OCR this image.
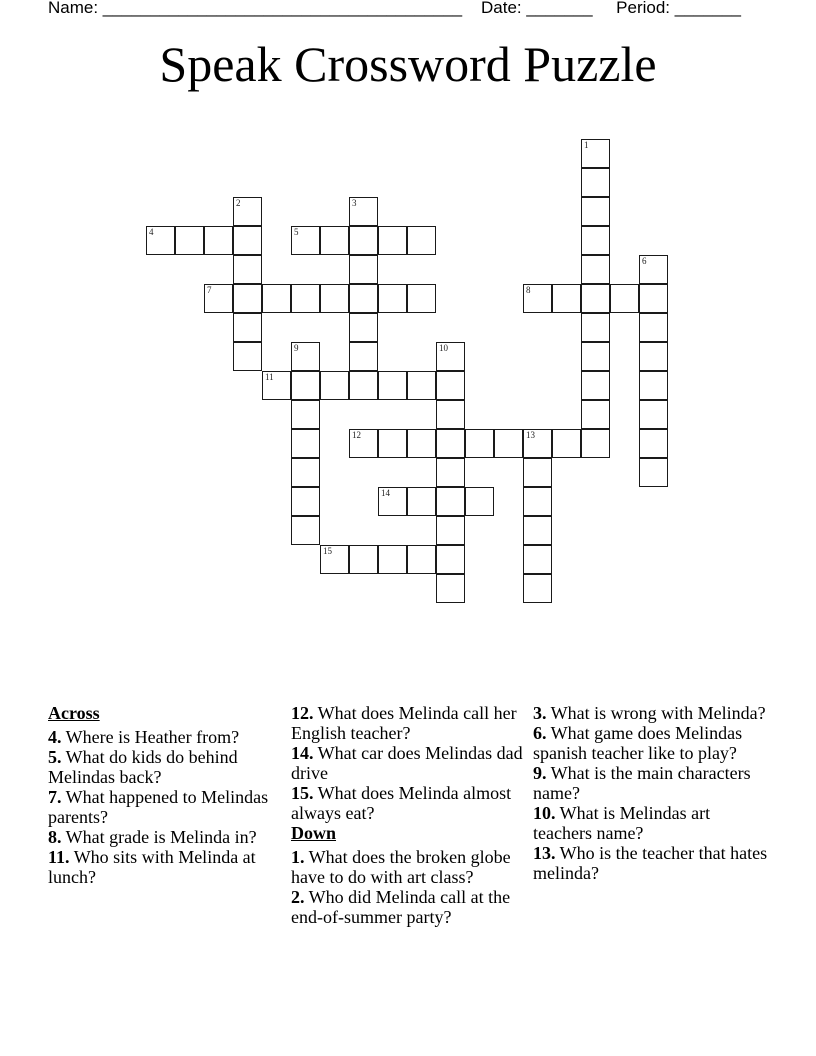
Name: ______________________________________ Date: _______ Period: _______
Speak Crossword Puzzle
1
2	3
4	5
6
7	8
9	10
11
12	13
14
15
Across
4. Where is Heather from?
5. What do kids do behind Melindas back?
7. What happened to Melindas parents?
8. What grade is Melinda in?
11. Who sits with Melinda at lunch?
12. What does Melinda call her English teacher?
14. What car does Melindas dad drive
15. What does Melinda almost always eat?
Down
1. What does the broken globe have to do with art class?
2. Who did Melinda call at the end-of-summer party?
3. What is wrong with Melinda?
6. What game does Melindas spanish teacher like to play?
9. What is the main characters name?
10. What is Melindas art teachers name?
13. Who is the teacher that hates melinda?
